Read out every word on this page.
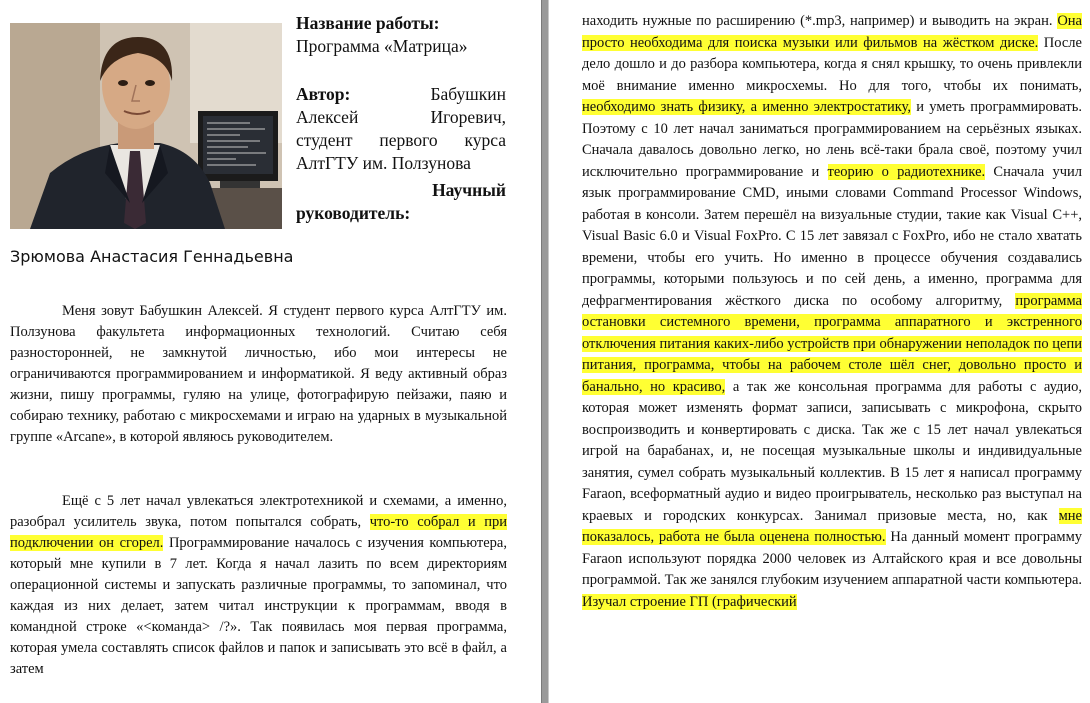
Название работы:

Программа «Матрица»

Автор:	Бабушкин

Алексей	Игоревич,

студент первого курса

АлтГТУ им. Ползунова

Научный

руководитель:

Зрюмова Анастасия Геннадьевна

Меня зовут Бабушкин Алексей. Я студент первого курса АлтГТУ им. Ползунова факультета информационных технологий. Считаю себя разносторонней, не замкнутой личностью, ибо мои интересы не ограничиваются программированием и информатикой. Я веду активный образ жизни, пишу программы, гуляю на улице, фотографирую пейзажи, паяю и собираю технику, работаю с микросхемами и играю на ударных в музыкальной группе «Arcane», в которой являюсь руководителем.

Ещё с 5 лет начал увлекаться электротехникой и схемами, а именно, разобрал усилитель звука, потом попытался собрать, что-то собрал и при подключении он сгорел. Программирование началось с изучения компьютера, который мне купили в 7 лет. Когда я начал лазить по всем директориям операционной системы и запускать различные программы, то запоминал, что каждая из них делает, затем читал инструкции к программам, вводя в командной строке «<команда> /?». Так появилась моя первая программа, которая умела составлять список файлов и папок и записывать это всё в файл, а затем

находить нужные по расширению (*.mp3, например) и выводить на экран. Она просто необходима для поиска музыки или фильмов на жёстком диске. После дело дошло и до разбора компьютера, когда я снял крышку, то очень привлекли моё внимание именно микросхемы. Но для того, чтобы их понимать, необходимо знать физику, а именно электростатику, и уметь программировать. Поэтому с 10 лет начал заниматься программированием на серьёзных языках. Сначала давалось довольно легко, но лень всё-таки брала своё, поэтому учил исключительно программирование и теорию о радиотехнике. Сначала учил язык программирование CMD, иными словами Command Processor Windows, работая в консоли. Затем перешёл на визуальные студии, такие как Visual C++, Visual Basic 6.0 и Visual FoxPro. С 15 лет завязал с FoxPro, ибо не стало хватать времени, чтобы его учить. Но именно в процессе обучения создавались программы, которыми пользуюсь и по сей день, а именно, программа для дефрагментирования жёсткого диска по особому алгоритму, программа остановки системного времени, программа аппаратного и экстренного отключения питания каких-либо устройств при обнаружении неполадок по цепи питания, программа, чтобы на рабочем столе шёл снег, довольно просто и банально, но красиво, а так же консольная программа для работы с аудио, которая может изменять формат записи, записывать с микрофона, скрыто воспроизводить и конвертировать с диска. Так же с 15 лет начал увлекаться игрой на барабанах, и, не посещая музыкальные школы и индивидуальные занятия, сумел собрать музыкальный коллектив. В 15 лет я написал программу Faraon, всеформатный аудио и видео проигрыватель, несколько раз выступал на краевых и городских конкурсах. Занимал призовые места, но, как мне показалось, работа не была оценена полностью. На данный момент программу Faraon используют порядка 2000 человек из Алтайского края и все довольны программой. Так же занялся глубоким изучением аппаратной части компьютера. Изучал строение ГП (графический
